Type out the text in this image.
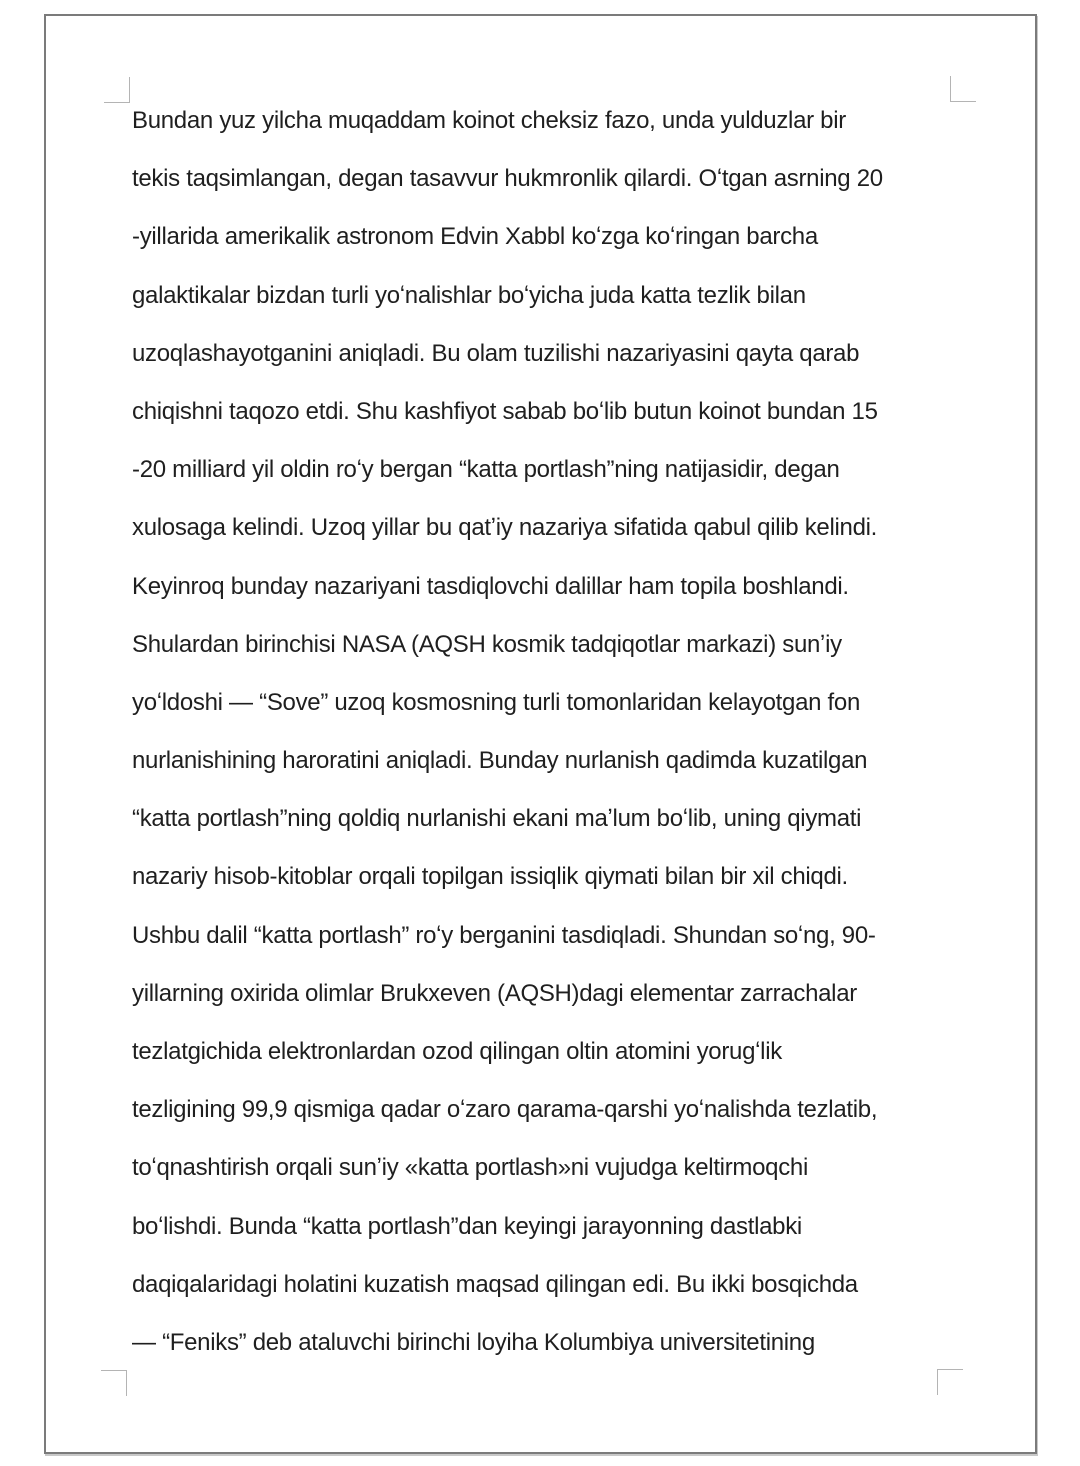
Bundan yuz yilcha muqaddam koinot cheksiz fazo, unda yulduzlar bir
tekis taqsimlangan, degan tasavvur hukmronlik qilardi. Oʻtgan asrning 20
-yillarida amerikalik astronom Edvin Xabbl koʻzga koʻringan barcha
galaktikalar bizdan turli yoʻnalishlar boʻyicha juda katta tezlik bilan
uzoqlashayotganini aniqladi. Bu olam tuzilishi nazariyasini qayta qarab
chiqishni taqozo etdi. Shu kashfiyot sabab boʻlib butun koinot bundan 15
-20 milliard yil oldin roʻy bergan “katta portlash”ning natijasidir, degan
xulosaga kelindi. Uzoq yillar bu qatʼiy nazariya sifatida qabul qilib kelindi.
Keyinroq bunday nazariyani tasdiqlovchi dalillar ham topila boshlandi.
Shulardan birinchisi NASA (AQSH kosmik tadqiqotlar markazi) sunʼiy
yoʻldoshi — “Sove” uzoq kosmosning turli tomonlaridan kelayotgan fon
nurlanishining haroratini aniqladi. Bunday nurlanish qadimda kuzatilgan
“katta portlash”ning qoldiq nurlanishi ekani maʼlum boʻlib, uning qiymati
nazariy hisob-kitoblar orqali topilgan issiqlik qiymati bilan bir xil chiqdi.
Ushbu dalil “katta portlash” roʻy berganini tasdiqladi. Shundan soʻng, 90-
yillarning oxirida olimlar Brukxeven (AQSH)dagi elementar zarrachalar
tezlatgichida elektronlardan ozod qilingan oltin atomini yorugʻlik
tezligining 99,9 qismiga qadar oʻzaro qarama-qarshi yoʻnalishda tezlatib,
toʻqnashtirish orqali sunʼiy «katta portlash»ni vujudga keltirmoqchi
boʻlishdi. Bunda “katta portlash”dan keyingi jarayonning dastlabki
daqiqalaridagi holatini kuzatish maqsad qilingan edi. Bu ikki bosqichda
— “Feniks” deb ataluvchi birinchi loyiha Kolumbiya universitetining
